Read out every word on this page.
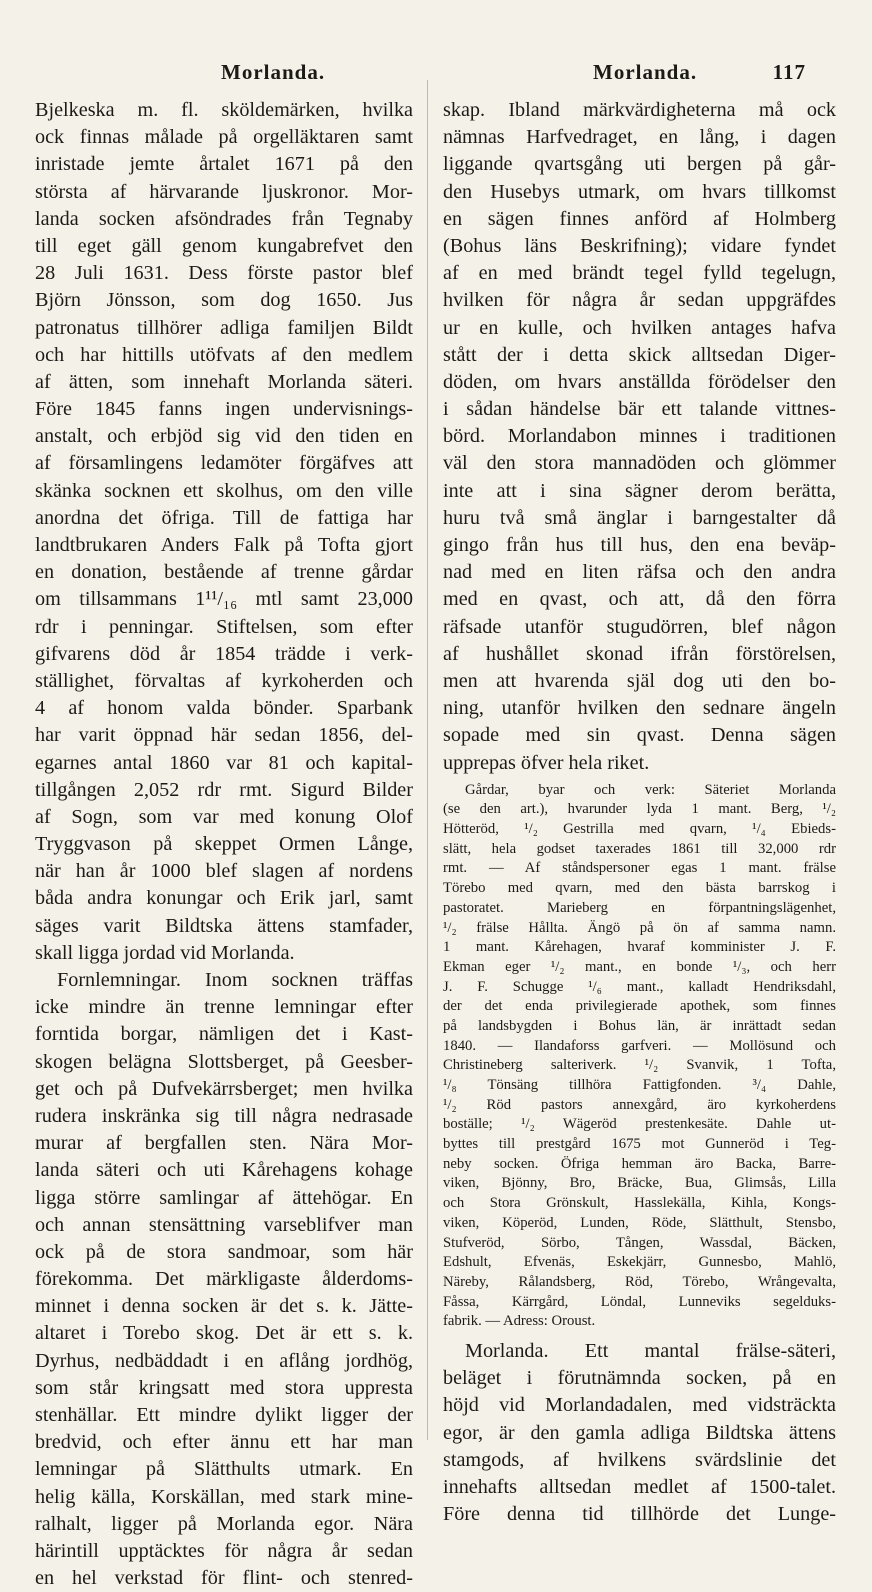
Morlanda.	Morlanda.	117
Bjelkeska m. fl. sköldemärken, hvilka
ock finnas målade på orgelläktaren samt
inristade jemte årtalet 1671 på den
största af härvarande ljuskronor. Mor-
landa socken afsöndrades från Tegnaby
till eget gäll genom kungabrefvet den
28 Juli 1631. Dess förste pastor blef
Björn Jönsson, som dog 1650. Jus
patronatus tillhörer adliga familjen Bildt
och har hittills utöfvats af den medlem
af ätten, som innehaft Morlanda säteri.
Före 1845 fanns ingen undervisnings-
anstalt, och erbjöd sig vid den tiden en
af församlingens ledamöter förgäfves att
skänka socknen ett skolhus, om den ville
anordna det öfriga. Till de fattiga har
landtbrukaren Anders Falk på Tofta gjort
en donation, bestående af trenne gårdar
om tillsammans 1¹¹/₁₆ mtl samt 23,000
rdr i penningar. Stiftelsen, som efter
gifvarens död år 1854 trädde i verk-
ställighet, förvaltas af kyrkoherden och
4 af honom valda bönder. Sparbank
har varit öppnad här sedan 1856, del-
egarnes antal 1860 var 81 och kapital-
tillgången 2,052 rdr rmt. Sigurd Bilder
af Sogn, som var med konung Olof
Tryggvason på skeppet Ormen Långe,
när han år 1000 blef slagen af nordens
båda andra konungar och Erik jarl, samt
säges varit Bildtska ättens stamfader,
skall ligga jordad vid Morlanda.
Fornlemningar. Inom socknen träffas
icke mindre än trenne lemningar efter
forntida borgar, nämligen det i Kast-
skogen belägna Slottsberget, på Geesber-
get och på Dufvekärrsberget; men hvilka
rudera inskränka sig till några nedrasade
murar af bergfallen sten. Nära Mor-
landa säteri och uti Kårehagens kohage
ligga större samlingar af ättehögar. En
och annan stensättning varseblifver man
ock på de stora sandmoar, som här
förekomma. Det märkligaste ålderdoms-
minnet i denna socken är det s. k. Jätte-
altaret i Torebo skog. Det är ett s. k.
Dyrhus, nedbäddadt i en aflång jordhög,
som står kringsatt med stora uppresta
stenhällar. Ett mindre dylikt ligger der
bredvid, och efter ännu ett har man
lemningar på Slätthults utmark. En
helig källa, Korskällan, med stark mine-
ralhalt, ligger på Morlanda egor. Nära
härintill upptäcktes för några år sedan
en hel verkstad för flint- och stenred-
skap. Ibland märkvärdigheterna må ock
nämnas Harfvedraget, en lång, i dagen
liggande qvartsgång uti bergen på går-
den Husebys utmark, om hvars tillkomst
en sägen finnes anförd af Holmberg
(Bohus läns Beskrifning); vidare fyndet
af en med brändt tegel fylld tegelugn,
hvilken för några år sedan uppgräfdes
ur en kulle, och hvilken antages hafva
stått der i detta skick alltsedan Diger-
döden, om hvars anställda förödelser den
i sådan händelse bär ett talande vittnes-
börd. Morlandabon minnes i traditionen
väl den stora mannadöden och glömmer
inte att i sina sägner derom berätta,
huru två små änglar i barngestalter då
gingo från hus till hus, den ena beväp-
nad med en liten räfsa och den andra
med en qvast, och att, då den förra
räfsade utanför stugudörren, blef någon
af hushållet skonad ifrån förstörelsen,
men att hvarenda själ dog uti den bo-
ning, utanför hvilken den sednare ängeln
sopade med sin qvast. Denna sägen
upprepas öfver hela riket.
Gårdar, byar och verk: Säteriet Morlanda
(se den art.), hvarunder lyda 1 mant. Berg, ¹/₂
Hötteröd, ¹/₂ Gestrilla med qvarn, ¹/₄ Ebieds-
slätt, hela godset taxerades 1861 till 32,000 rdr
rmt. — Af ståndspersoner egas 1 mant. frälse
Törebo med qvarn, med den bästa barrskog i
pastoratet. Marieberg en förpantningslägenhet,
¹/₂ frälse Hållta. Ängö på ön af samma namn.
1 mant. Kårehagen, hvaraf komminister J. F.
Ekman eger ¹/₂ mant., en bonde ¹/₃, och herr
J. F. Schugge ¹/₆ mant., kalladt Hendriksdahl,
der det enda privilegierade apothek, som finnes
på landsbygden i Bohus län, är inrättadt sedan
1840. — Ilandaforss garfveri. — Mollösund och
Christineberg salteriverk. ¹/₂ Svanvik, 1 Tofta,
¹/₈ Tönsäng tillhöra Fattigfonden. ³/₄ Dahle,
¹/₂ Röd pastors annexgård, äro kyrkoherdens
boställe; ¹/₂ Wägeröd prestenkesäte. Dahle ut-
byttes till prestgård 1675 mot Gunneröd i Teg-
neby socken. Öfriga hemman äro Backa, Barre-
viken, Bjönny, Bro, Bräcke, Bua, Glimsås, Lilla
och Stora Grönskult, Hasslekälla, Kihla, Kongs-
viken, Köperöd, Lunden, Röde, Slätthult, Stensbo,
Stufveröd, Sörbo, Tången, Wassdal, Bäcken,
Edshult, Efvenäs, Eskekjärr, Gunnesbo, Mahlö,
Näreby, Rålandsberg, Röd, Törebo, Wrångevalta,
Fåssa, Kärrgård, Löndal, Lunneviks segelduks-
fabrik. — Adress: Oroust.
Morlanda. Ett mantal frälse-säteri,
beläget i förutnämnda socken, på en
höjd vid Morlandadalen, med vidsträckta
egor, är den gamla adliga Bildtska ättens
stamgods, af hvilkens svärdslinie det
innehafts alltsedan medlet af 1500-talet.
Före denna tid tillhörde det Lunge-
